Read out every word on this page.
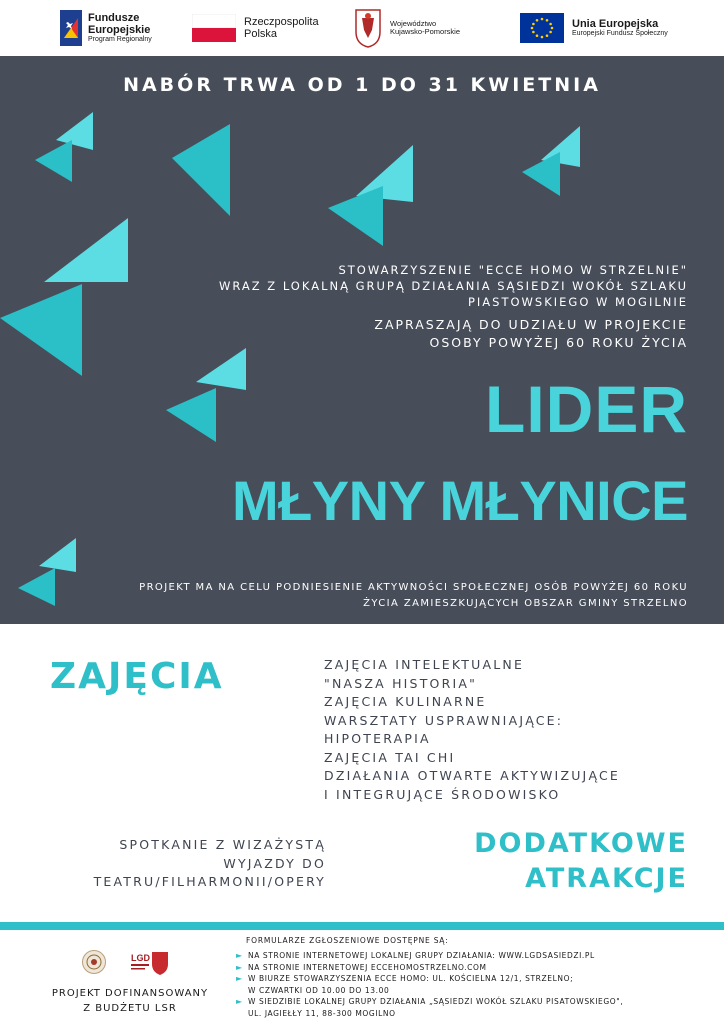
Fundusze
Europejskie
Program Regionalny
Rzeczpospolita
Polska
Województwo
Kujawsko-Pomorskie
Unia Europejska
Europejski Fundusz Społeczny
NABÓR TRWA OD 1 DO 31 KWIETNIA
STOWARZYSZENIE "ECCE HOMO W STRZELNIE"
WRAZ Z LOKALNĄ GRUPĄ DZIAŁANIA SĄSIEDZI WOKÓŁ SZLAKU
PIASTOWSKIEGO W MOGILNIE
ZAPRASZAJĄ DO UDZIAŁU W PROJEKCIE
OSOBY POWYŻEJ 60 ROKU ŻYCIA
LIDER
MŁYNY MŁYNICE
PROJEKT MA NA CELU PODNIESIENIE AKTYWNOŚCI SPOŁECZNEJ OSÓB POWYŻEJ 60 ROKU
ŻYCIA ZAMIESZKUJĄCYCH OBSZAR GMINY STRZELNO
ZAJĘCIA	ZAJĘCIA INTELEKTUALNE
"NASZA HISTORIA"
ZAJĘCIA KULINARNE
WARSZTATY USPRAWNIAJĄCE:
HIPOTERAPIA
ZAJĘCIA TAI CHI
DZIAŁANIA OTWARTE AKTYWIZUJĄCE
I INTEGRUJĄCE ŚRODOWISKO
SPOTKANIE Z WIZAŻYSTĄ
WYJAZDY DO
TEATRU/FILHARMONII/OPERY
DODATKOWE
ATRAKCJE
LGD
PROJEKT DOFINANSOWANY
Z BUDŻETU LSR
FORMULARZE ZGŁOSZENIOWE DOSTĘPNE SĄ:
► NA STRONIE INTERNETOWEJ LOKALNEJ GRUPY DZIAŁANIA: WWW.LGDSASIEDZI.PL
► NA STRONIE INTERNETOWEJ ECCEHOMOSTRZELNO.COM
► W BIURZE STOWARZYSZENIA ECCE HOMO: UL. KOŚCIELNA 12/1, STRZELNO;
W CZWARTKI OD 10.00 DO 13.00
► W SIEDZIBIE LOKALNEJ GRUPY DZIAŁANIA „SĄSIEDZI WOKÓŁ SZLAKU PISATOWSKIEGO",
UL. JAGIEŁŁY 11, 88-300 MOGILNO
